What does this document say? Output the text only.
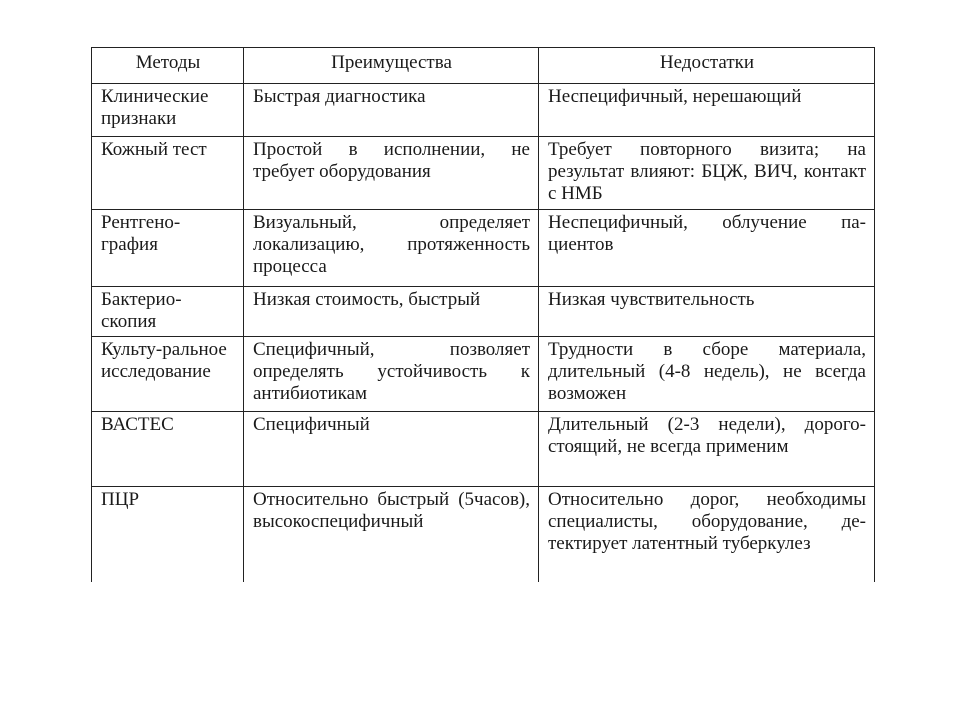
Методы	Преимущества	Недостатки
Клинические признаки	Быстрая диагностика	Неспецифичный, нерешающий
Кожный тест	Простой в исполнении, не требует оборудования	Требует повторного визита; на результат влияют: БЦЖ, ВИЧ, контакт с НМБ
Рентгено-графия	Визуальный, определяет локализацию, протяженность процесса	Неспецифичный, облучение па-циентов
Бактерио-скопия	Низкая стоимость, быстрый	Низкая чувствительность
Культу-ральное исследование	Специфичный, позволяет определять устойчивость к антибиотикам	Трудности в сборе материала, длительный (4-8 недель), не всегда возможен
ВАСТЕС	Специфичный	Длительный (2-3 недели), дорого-стоящий, не всегда применим
ПЦР	Относительно быстрый (5часов), высокоспецифичный	Относительно дорог, необходимы специалисты, оборудование, де-тектирует латентный туберкулез
